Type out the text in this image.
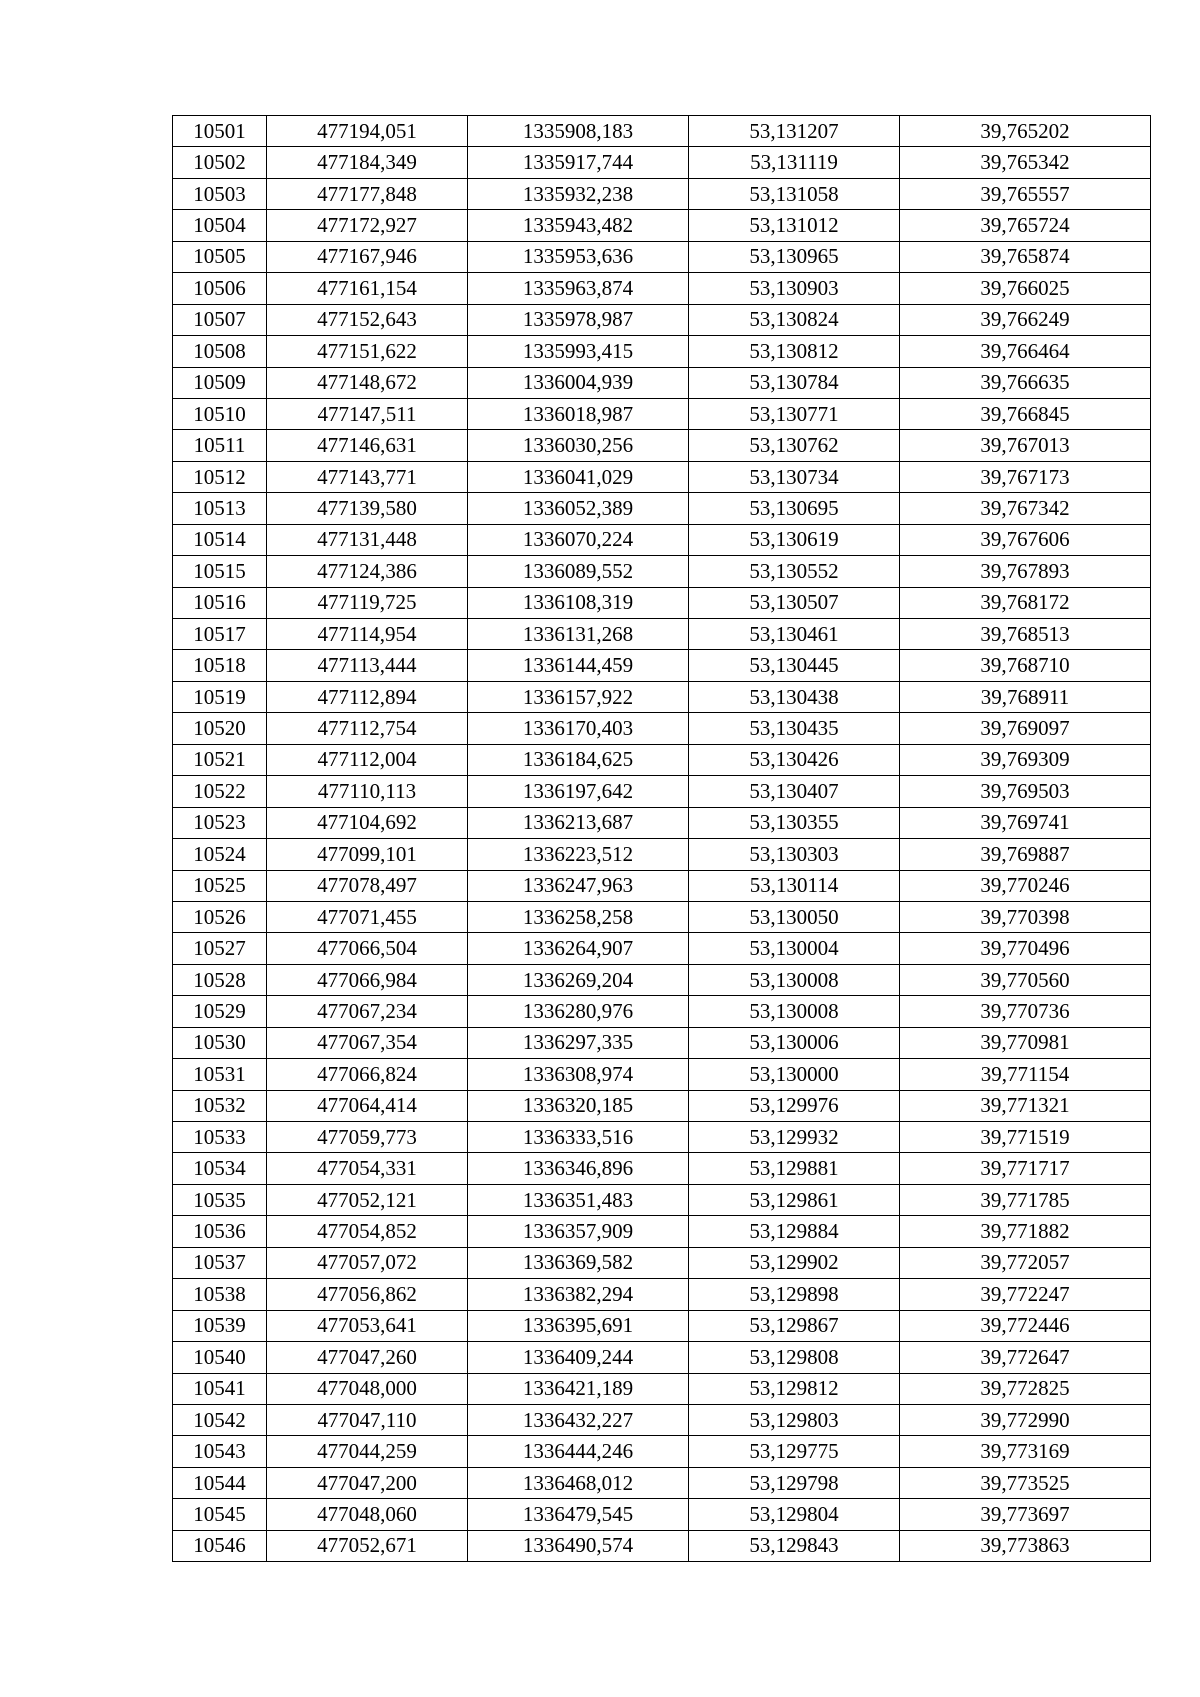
10501	477194,051	1335908,183	53,131207	39,765202
10502	477184,349	1335917,744	53,131119	39,765342
10503	477177,848	1335932,238	53,131058	39,765557
10504	477172,927	1335943,482	53,131012	39,765724
10505	477167,946	1335953,636	53,130965	39,765874
10506	477161,154	1335963,874	53,130903	39,766025
10507	477152,643	1335978,987	53,130824	39,766249
10508	477151,622	1335993,415	53,130812	39,766464
10509	477148,672	1336004,939	53,130784	39,766635
10510	477147,511	1336018,987	53,130771	39,766845
10511	477146,631	1336030,256	53,130762	39,767013
10512	477143,771	1336041,029	53,130734	39,767173
10513	477139,580	1336052,389	53,130695	39,767342
10514	477131,448	1336070,224	53,130619	39,767606
10515	477124,386	1336089,552	53,130552	39,767893
10516	477119,725	1336108,319	53,130507	39,768172
10517	477114,954	1336131,268	53,130461	39,768513
10518	477113,444	1336144,459	53,130445	39,768710
10519	477112,894	1336157,922	53,130438	39,768911
10520	477112,754	1336170,403	53,130435	39,769097
10521	477112,004	1336184,625	53,130426	39,769309
10522	477110,113	1336197,642	53,130407	39,769503
10523	477104,692	1336213,687	53,130355	39,769741
10524	477099,101	1336223,512	53,130303	39,769887
10525	477078,497	1336247,963	53,130114	39,770246
10526	477071,455	1336258,258	53,130050	39,770398
10527	477066,504	1336264,907	53,130004	39,770496
10528	477066,984	1336269,204	53,130008	39,770560
10529	477067,234	1336280,976	53,130008	39,770736
10530	477067,354	1336297,335	53,130006	39,770981
10531	477066,824	1336308,974	53,130000	39,771154
10532	477064,414	1336320,185	53,129976	39,771321
10533	477059,773	1336333,516	53,129932	39,771519
10534	477054,331	1336346,896	53,129881	39,771717
10535	477052,121	1336351,483	53,129861	39,771785
10536	477054,852	1336357,909	53,129884	39,771882
10537	477057,072	1336369,582	53,129902	39,772057
10538	477056,862	1336382,294	53,129898	39,772247
10539	477053,641	1336395,691	53,129867	39,772446
10540	477047,260	1336409,244	53,129808	39,772647
10541	477048,000	1336421,189	53,129812	39,772825
10542	477047,110	1336432,227	53,129803	39,772990
10543	477044,259	1336444,246	53,129775	39,773169
10544	477047,200	1336468,012	53,129798	39,773525
10545	477048,060	1336479,545	53,129804	39,773697
10546	477052,671	1336490,574	53,129843	39,773863
